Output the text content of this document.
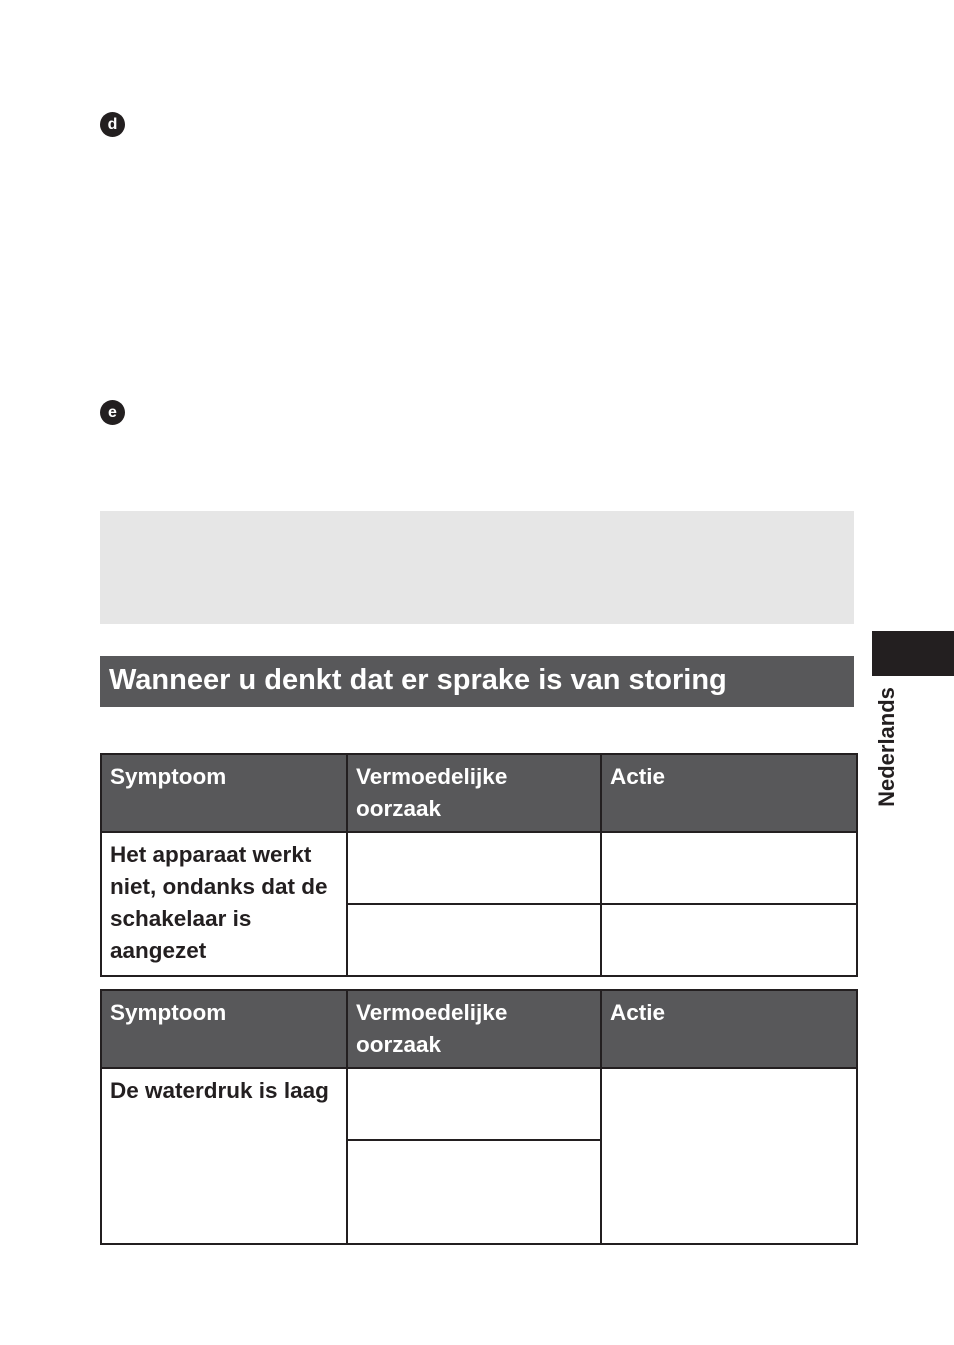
d
e
Wanneer u denkt dat er sprake is van storing
Nederlands
Symptoom	Vermoedelijke oorzaak	Actie
Het apparaat werkt niet, ondanks dat de schakelaar is aangezet		

Symptoom	Vermoedelijke oorzaak	Actie
De waterdruk is laag		
